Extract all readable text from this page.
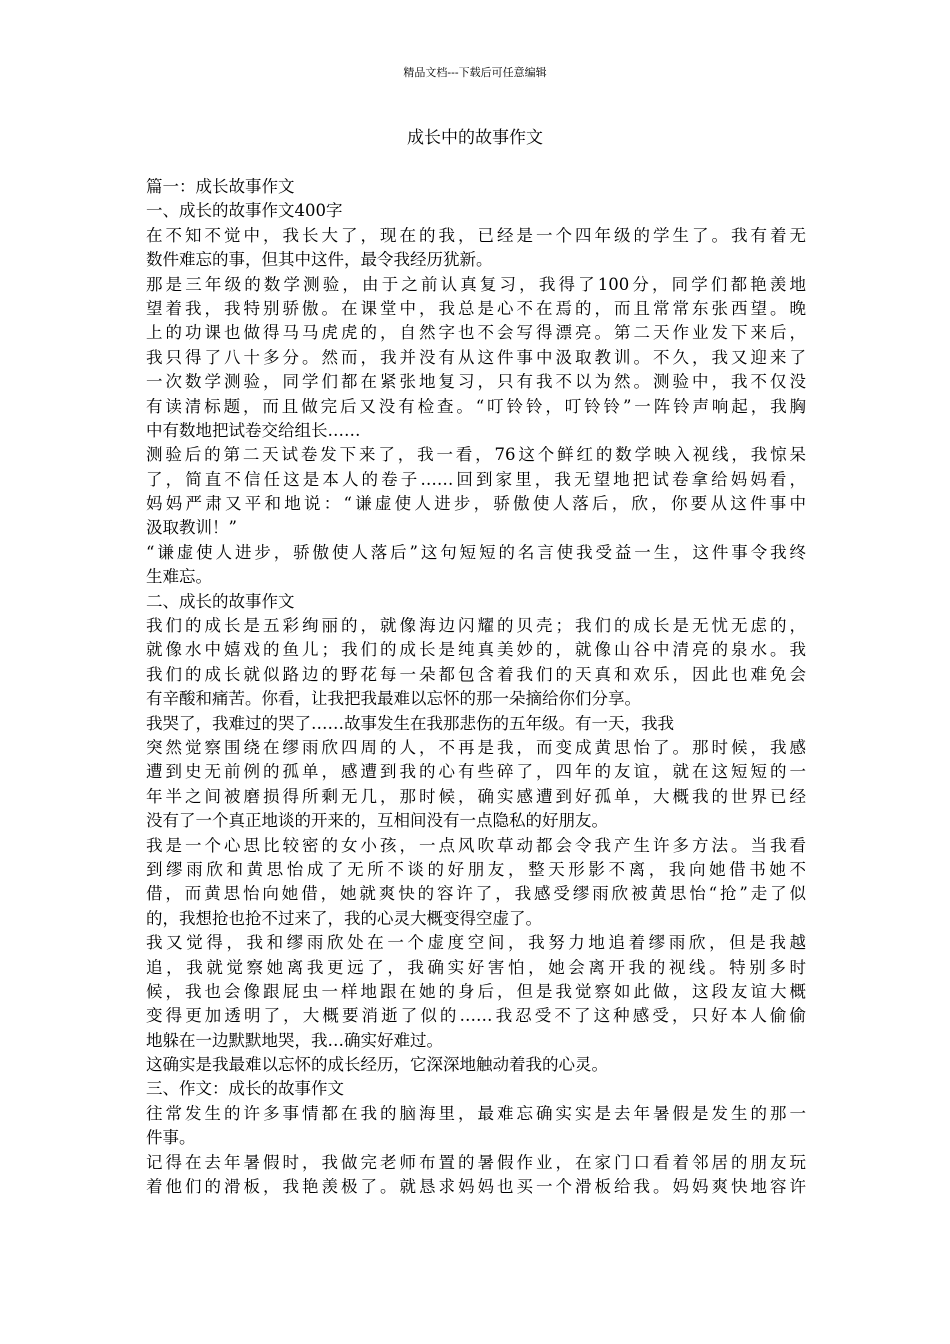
精品文档---下载后可任意编辑
成长中的故事作文
篇一：成长故事作文
一、成长的故事作文400字
在不知不觉中，我长大了，现在的我，已经是一个四年级的学生了。我有着无
数件难忘的事，但其中这件，最令我经历犹新。
那是三年级的数学测验，由于之前认真复习，我得了100分，同学们都艳羡地
望着我，我特别骄傲。在课堂中，我总是心不在焉的，而且常常东张西望。晚
上的功课也做得马马虎虎的，自然字也不会写得漂亮。第二天作业发下来后，
我只得了八十多分。然而，我并没有从这件事中汲取教训。不久，我又迎来了
一次数学测验，同学们都在紧张地复习，只有我不以为然。测验中，我不仅没
有读清标题，而且做完后又没有检查。“叮铃铃，叮铃铃”一阵铃声响起，我胸
中有数地把试卷交给组长……
测验后的第二天试卷发下来了，我一看，76这个鲜红的数学映入视线，我惊呆
了，简直不信任这是本人的卷子……回到家里，我无望地把试卷拿给妈妈看，
妈妈严肃又平和地说：“谦虚使人进步，骄傲使人落后，欣，你要从这件事中
汲取教训！”
“谦虚使人进步，骄傲使人落后”这句短短的名言使我受益一生，这件事令我终
生难忘。
二、成长的故事作文
我们的成长是五彩绚丽的，就像海边闪耀的贝壳；我们的成长是无忧无虑的，
就像水中嬉戏的鱼儿；我们的成长是纯真美妙的，就像山谷中清亮的泉水。我
我们的成长就似路边的野花每一朵都包含着我们的天真和欢乐，因此也难免会
有辛酸和痛苦。你看，让我把我最难以忘怀的那一朵摘给你们分享。
我哭了，我难过的哭了……故事发生在我那悲伤的五年级。有一天，我我
突然觉察围绕在缪雨欣四周的人，不再是我，而变成黄思怡了。那时候，我感
遭到史无前例的孤单，感遭到我的心有些碎了，四年的友谊，就在这短短的一
年半之间被磨损得所剩无几，那时候，确实感遭到好孤单，大概我的世界已经
没有了一个真正地谈的开来的，互相间没有一点隐私的好朋友。
我是一个心思比较密的女小孩，一点风吹草动都会令我产生许多方法。当我看
到缪雨欣和黄思怡成了无所不谈的好朋友，整天形影不离，我向她借书她不
借，而黄思怡向她借，她就爽快的容许了，我感受缪雨欣被黄思怡“抢”走了似
的，我想抢也抢不过来了，我的心灵大概变得空虚了。
我又觉得，我和缪雨欣处在一个虚度空间，我努力地追着缪雨欣，但是我越
追，我就觉察她离我更远了，我确实好害怕，她会离开我的视线。特别多时
候，我也会像跟屁虫一样地跟在她的身后，但是我觉察如此做，这段友谊大概
变得更加透明了，大概要消逝了似的……我忍受不了这种感受，只好本人偷偷
地躲在一边默默地哭，我…确实好难过。
这确实是我最难以忘怀的成长经历，它深深地触动着我的心灵。
三、作文：成长的故事作文
往常发生的许多事情都在我的脑海里，最难忘确实实是去年暑假是发生的那一
件事。
记得在去年暑假时，我做完老师布置的暑假作业，在家门口看着邻居的朋友玩
着他们的滑板，我艳羡极了。就恳求妈妈也买一个滑板给我。妈妈爽快地容许
